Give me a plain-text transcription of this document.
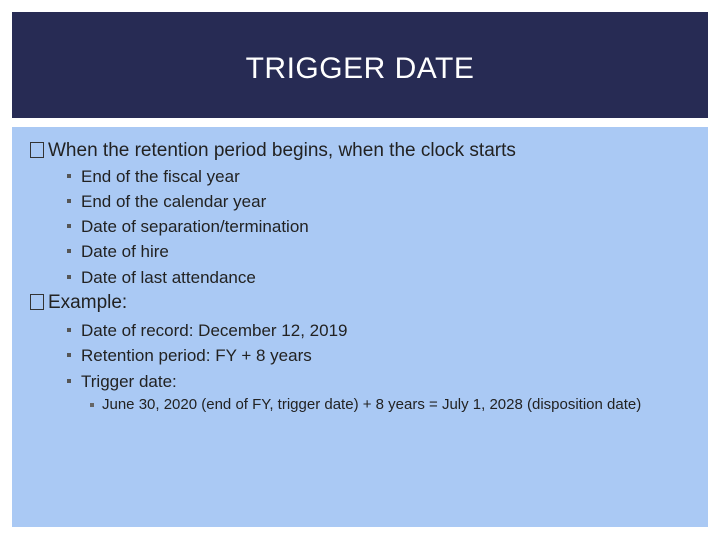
TRIGGER DATE
When the retention period begins, when the clock starts
End of the fiscal year
End of the calendar year
Date of separation/termination
Date of hire
Date of last attendance
Example:
Date of record: December 12, 2019
Retention period: FY + 8 years
Trigger date:
June 30, 2020 (end of FY, trigger date) + 8 years = July 1, 2028 (disposition date)
